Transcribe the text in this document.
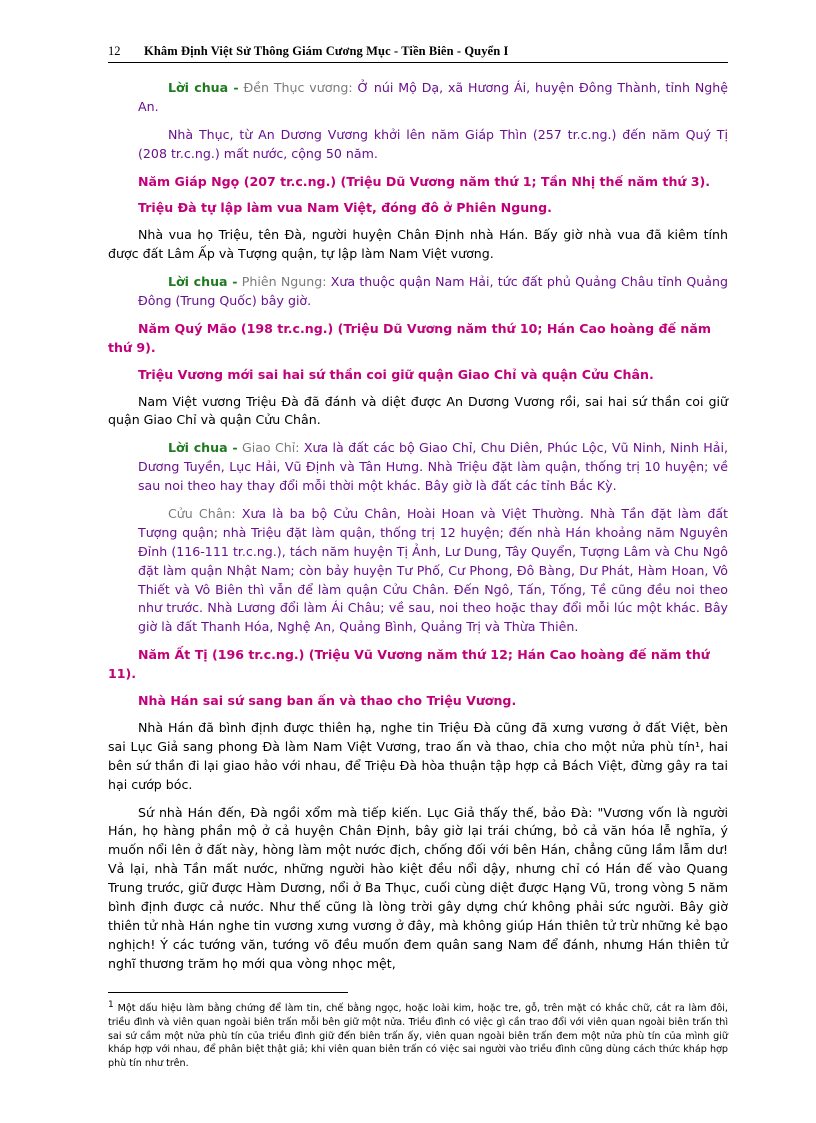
12	Khâm Định Việt Sử Thông Giám Cương Mục - Tiền Biên - Quyển I

Lời chua - Đền Thục vương: Ở núi Mộ Dạ, xã Hương Ái, huyện Đông Thành, tỉnh Nghệ An.

Nhà Thục, từ An Dương Vương khởi lên năm Giáp Thìn (257 tr.c.ng.) đến năm Quý Tị (208 tr.c.ng.) mất nước, cộng 50 năm.

Năm Giáp Ngọ (207 tr.c.ng.) (Triệu Dũ Vương năm thứ 1; Tần Nhị thế năm thứ 3).

Triệu Đà tự lập làm vua Nam Việt, đóng đô ở Phiên Ngung.

Nhà vua họ Triệu, tên Đà, người huyện Chân Định nhà Hán. Bấy giờ nhà vua đã kiêm tính được đất Lâm Ấp và Tượng quận, tự lập làm Nam Việt vương.

Lời chua - Phiên Ngung: Xưa thuộc quận Nam Hải, tức đất phủ Quảng Châu tỉnh Quảng Đông (Trung Quốc) bây giờ.

Năm Quý Mão (198 tr.c.ng.) (Triệu Dũ Vương năm thứ 10; Hán Cao hoàng đế năm thứ 9).

Triệu Vương mới sai hai sứ thần coi giữ quận Giao Chỉ và quận Cửu Chân.

Nam Việt vương Triệu Đà đã đánh và diệt được An Dương Vương rồi, sai hai sứ thần coi giữ quận Giao Chỉ và quận Cửu Chân.

Lời chua - Giao Chỉ: Xưa là đất các bộ Giao Chỉ, Chu Diên, Phúc Lộc, Vũ Ninh, Ninh Hải, Dương Tuyền, Lục Hải, Vũ Định và Tân Hưng. Nhà Triệu đặt làm quận, thống trị 10 huyện; về sau noi theo hay thay đổi mỗi thời một khác. Bây giờ là đất các tỉnh Bắc Kỳ.

Cửu Chân: Xưa là ba bộ Cửu Chân, Hoài Hoan và Việt Thường. Nhà Tần đặt làm đất Tượng quận; nhà Triệu đặt làm quận, thống trị 12 huyện; đến nhà Hán khoảng năm Nguyên Đỉnh (116-111 tr.c.ng.), tách năm huyện Tị Ảnh, Lư Dung, Tây Quyển, Tượng Lâm và Chu Ngô đặt làm quận Nhật Nam; còn bảy huyện Tư Phố, Cư Phong, Đô Bàng, Dư Phát, Hàm Hoan, Vô Thiết và Vô Biên thì vẫn để làm quận Cửu Chân. Đến Ngô, Tấn, Tống, Tề cũng đều noi theo như trước. Nhà Lương đổi làm Ái Châu; về sau, noi theo hoặc thay đổi mỗi lúc một khác. Bây giờ là đất Thanh Hóa, Nghệ An, Quảng Bình, Quảng Trị và Thừa Thiên.

Năm Ất Tị (196 tr.c.ng.) (Triệu Vũ Vương năm thứ 12; Hán Cao hoàng đế năm thứ 11).

Nhà Hán sai sứ sang ban ấn và thao cho Triệu Vương.

Nhà Hán đã bình định được thiên hạ, nghe tin Triệu Đà cũng đã xưng vương ở đất Việt, bèn sai Lục Giả sang phong Đà làm Nam Việt Vương, trao ấn và thao, chia cho một nửa phù tín¹, hai bên sứ thần đi lại giao hảo với nhau, để Triệu Đà hòa thuận tập hợp cả Bách Việt, đừng gây ra tai hại cướp bóc.

Sứ nhà Hán đến, Đà ngồi xổm mà tiếp kiến. Lục Giả thấy thế, bảo Đà: "Vương vốn là người Hán, họ hàng phần mộ ở cả huyện Chân Định, bây giờ lại trái chứng, bỏ cả văn hóa lễ nghĩa, ý muốn nổi lên ở đất này, hòng làm một nước địch, chống đối với bên Hán, chẳng cũng lầm lẫm dư! Vả lại, nhà Tần mất nước, những người hào kiệt đều nổi dậy, nhưng chỉ có Hán đế vào Quang Trung trước, giữ được Hàm Dương, nổi ở Ba Thục, cuối cùng diệt được Hạng Vũ, trong vòng 5 năm bình định được cả nước. Như thế cũng là lòng trời gây dựng chứ không phải sức người. Bây giờ thiên tử nhà Hán nghe tin vương xưng vương ở đây, mà không giúp Hán thiên tử trừ những kẻ bạo nghịch! Ý các tướng văn, tướng võ đều muốn đem quân sang Nam để đánh, nhưng Hán thiên tử nghĩ thương trăm họ mới qua vòng nhọc mệt,

1 Một dấu hiệu làm bằng chứng để làm tin, chế bằng ngọc, hoặc loài kim, hoặc tre, gỗ, trên mặt có khắc chữ, cắt ra làm đôi, triều đình và viên quan ngoài biên trấn mỗi bên giữ một nửa. Triều đình có việc gì cần trao đổi với viên quan ngoài biên trấn thì sai sứ cầm một nửa phù tín của triều đình giữ đến biên trấn ấy, viên quan ngoài biên trấn đem một nửa phù tín của mình giữ kháp hợp với nhau, để phân biệt thật giả; khi viên quan biên trấn có việc sai người vào triều đình cũng dùng cách thức kháp hợp phù tín như trên.
